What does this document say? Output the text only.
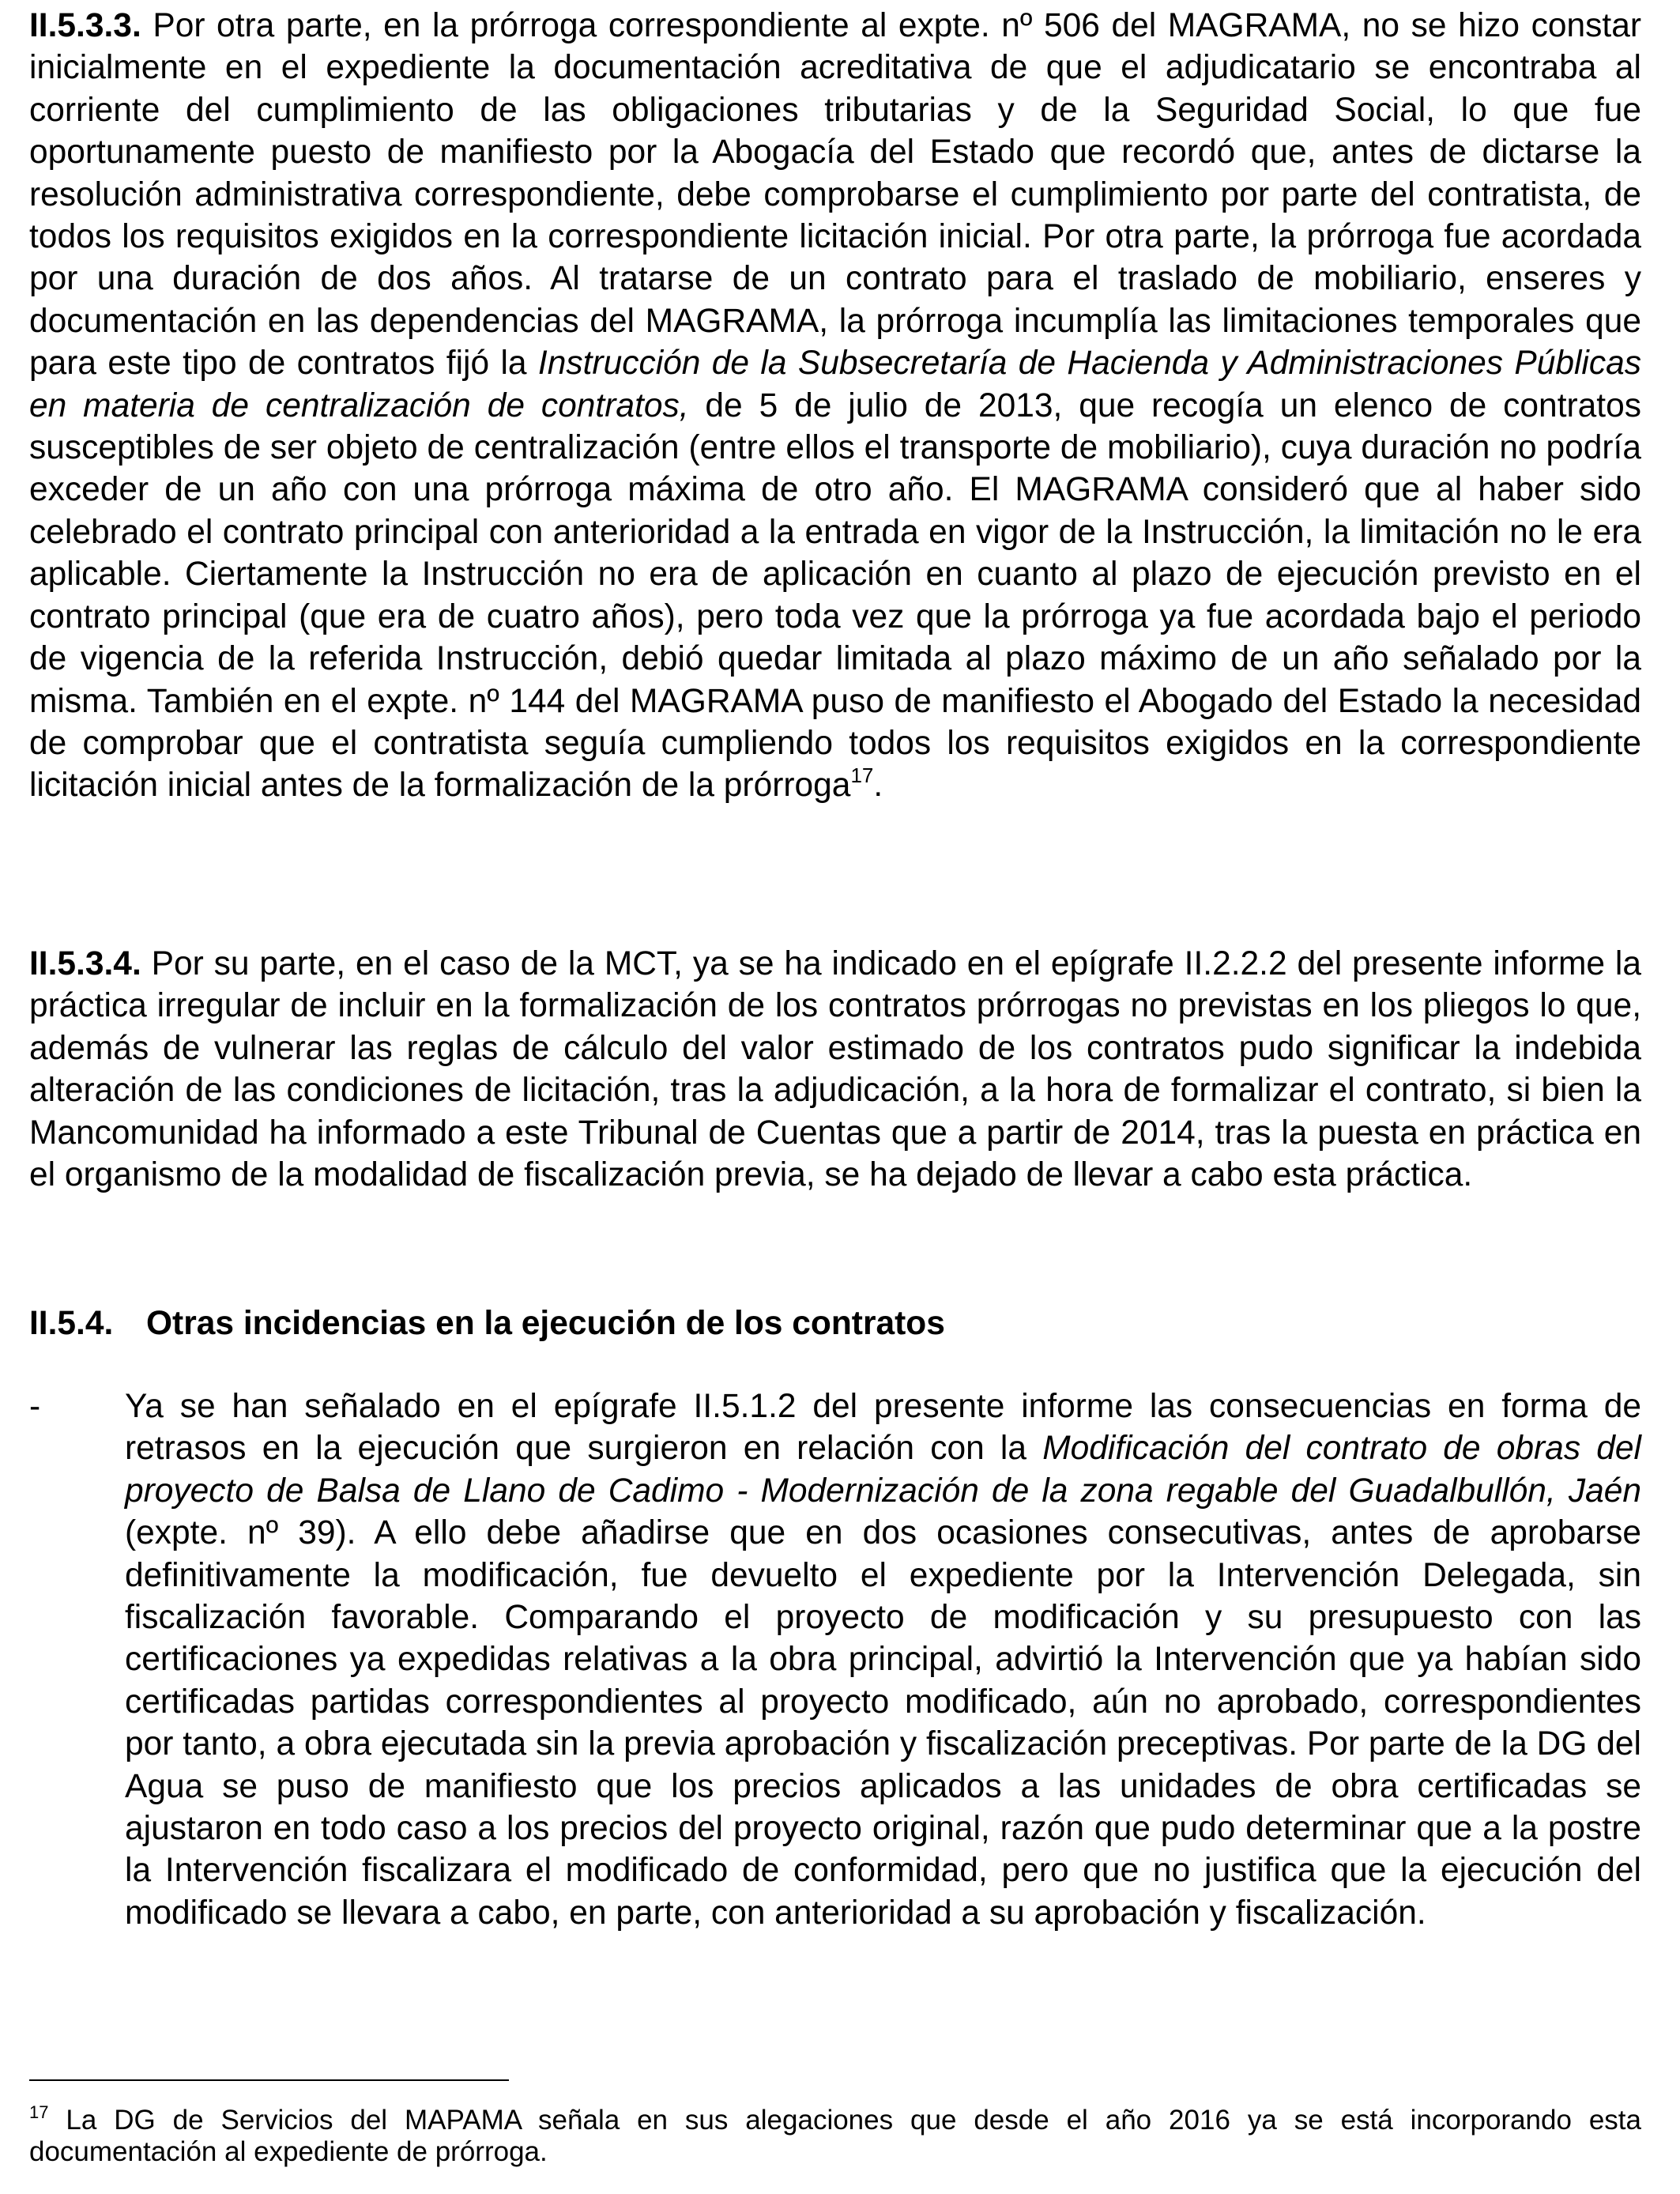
II.5.3.3. Por otra parte, en la prórroga correspondiente al expte. nº 506 del MAGRAMA, no se hizo constar inicialmente en el expediente la documentación acreditativa de que el adjudicatario se encontraba al corriente del cumplimiento de las obligaciones tributarias y de la Seguridad Social, lo que fue oportunamente puesto de manifiesto por la Abogacía del Estado que recordó que, antes de dictarse la resolución administrativa correspondiente, debe comprobarse el cumplimiento por parte del contratista, de todos los requisitos exigidos en la correspondiente licitación inicial. Por otra parte, la prórroga fue acordada por una duración de dos años. Al tratarse de un contrato para el traslado de mobiliario, enseres y documentación en las dependencias del MAGRAMA, la prórroga incumplía las limitaciones temporales que para este tipo de contratos fijó la Instrucción de la Subsecretaría de Hacienda y Administraciones Públicas en materia de centralización de contratos, de 5 de julio de 2013, que recogía un elenco de contratos susceptibles de ser objeto de centralización (entre ellos el transporte de mobiliario), cuya duración no podría exceder de un año con una prórroga máxima de otro año. El MAGRAMA consideró que al haber sido celebrado el contrato principal con anterioridad a la entrada en vigor de la Instrucción, la limitación no le era aplicable. Ciertamente la Instrucción no era de aplicación en cuanto al plazo de ejecución previsto en el contrato principal (que era de cuatro años), pero toda vez que la prórroga ya fue acordada bajo el periodo de vigencia de la referida Instrucción, debió quedar limitada al plazo máximo de un año señalado por la misma. También en el expte. nº 144 del MAGRAMA puso de manifiesto el Abogado del Estado la necesidad de comprobar que el contratista seguía cumpliendo todos los requisitos exigidos en la correspondiente licitación inicial antes de la formalización de la prórroga$^{17}$.

II.5.3.4. Por su parte, en el caso de la MCT, ya se ha indicado en el epígrafe II.2.2.2 del presente informe la práctica irregular de incluir en la formalización de los contratos prórrogas no previstas en los pliegos lo que, además de vulnerar las reglas de cálculo del valor estimado de los contratos pudo significar la indebida alteración de las condiciones de licitación, tras la adjudicación, a la hora de formalizar el contrato, si bien la Mancomunidad ha informado a este Tribunal de Cuentas que a partir de 2014, tras la puesta en práctica en el organismo de la modalidad de fiscalización previa, se ha dejado de llevar a cabo esta práctica.

II.5.4. Otras incidencias en la ejecución de los contratos
-	Ya se han señalado en el epígrafe II.5.1.2 del presente informe las consecuencias en forma de retrasos en la ejecución que surgieron en relación con la Modificación del contrato de obras del proyecto de Balsa de Llano de Cadimo - Modernización de la zona regable del Guadalbullón, Jaén (expte. nº 39). A ello debe añadirse que en dos ocasiones consecutivas, antes de aprobarse definitivamente la modificación, fue devuelto el expediente por la Intervención Delegada, sin fiscalización favorable. Comparando el proyecto de modificación y su presupuesto con las certificaciones ya expedidas relativas a la obra principal, advirtió la Intervención que ya habían sido certificadas partidas correspondientes al proyecto modificado, aún no aprobado, correspondientes por tanto, a obra ejecutada sin la previa aprobación y fiscalización preceptivas. Por parte de la DG del Agua se puso de manifiesto que los precios aplicados a las unidades de obra certificadas se ajustaron en todo caso a los precios del proyecto original, razón que pudo determinar que a la postre la Intervención fiscalizara el modificado de conformidad, pero que no justifica que la ejecución del modificado se llevara a cabo, en parte, con anterioridad a su aprobación y fiscalización.

$^{17}$ La DG de Servicios del MAPAMA señala en sus alegaciones que desde el año 2016 ya se está incorporando esta documentación al expediente de prórroga.
